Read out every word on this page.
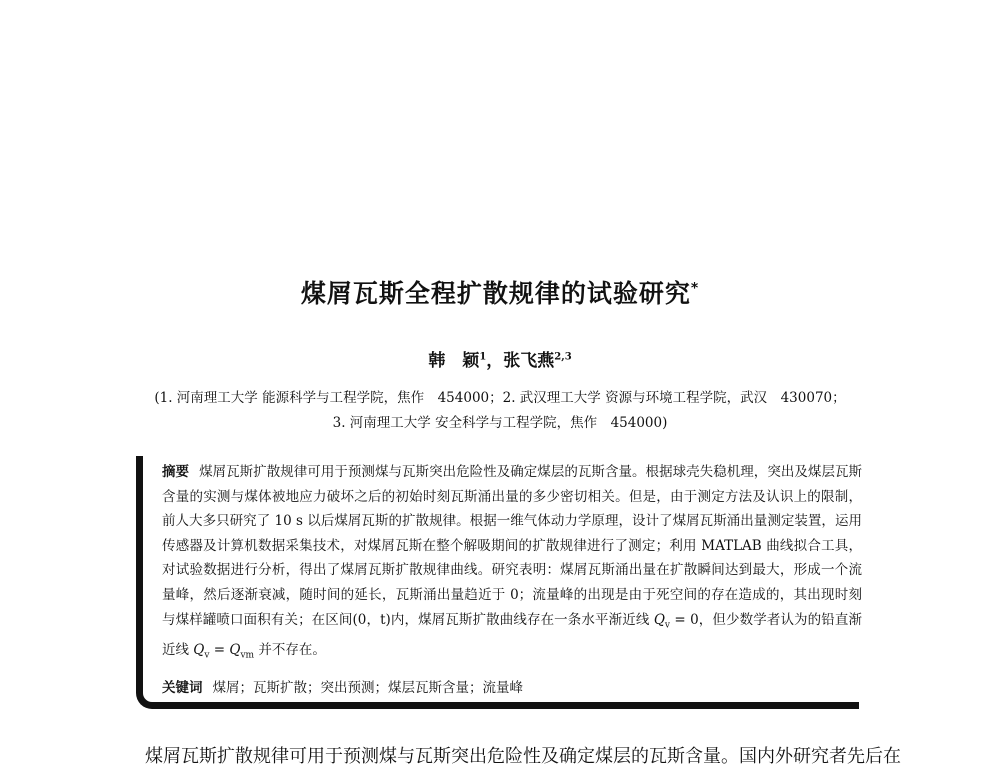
煤屑瓦斯全程扩散规律的试验研究*
韩　颖$^1$，张飞燕$^{2,3}$
(1. 河南理工大学 能源科学与工程学院，焦作　454000；2. 武汉理工大学 资源与环境工程学院，武汉　430070；
3. 河南理工大学 安全科学与工程学院，焦作　454000)
摘要 煤屑瓦斯扩散规律可用于预测煤与瓦斯突出危险性及确定煤层的瓦斯含量。根据球壳失稳机理，突出及煤层瓦斯含量的实测与煤体被地应力破坏之后的初始时刻瓦斯涌出量的多少密切相关。但是，由于测定方法及认识上的限制，前人大多只研究了 10 s 以后煤屑瓦斯的扩散规律。根据一维气体动力学原理，设计了煤屑瓦斯涌出量测定装置，运用传感器及计算机数据采集技术，对煤屑瓦斯在整个解吸期间的扩散规律进行了测定；利用 MATLAB 曲线拟合工具，对试验数据进行分析，得出了煤屑瓦斯扩散规律曲线。研究表明：煤屑瓦斯涌出量在扩散瞬间达到最大，形成一个流量峰，然后逐渐衰减，随时间的延长，瓦斯涌出量趋近于 0；流量峰的出现是由于死空间的存在造成的，其出现时刻与煤样罐喷口面积有关；在区间(0，t)内，煤屑瓦斯扩散曲线存在一条水平渐近线 $Q_v = 0$，但少数学者认为的铅直渐近线 $Q_v = Q_{vm}$ 并不存在。
关键词 煤屑；瓦斯扩散；突出预测；煤层瓦斯含量；流量峰
煤屑瓦斯扩散规律可用于预测煤与瓦斯突出危险性及确定煤层的瓦斯含量。国内外研究者先后在
